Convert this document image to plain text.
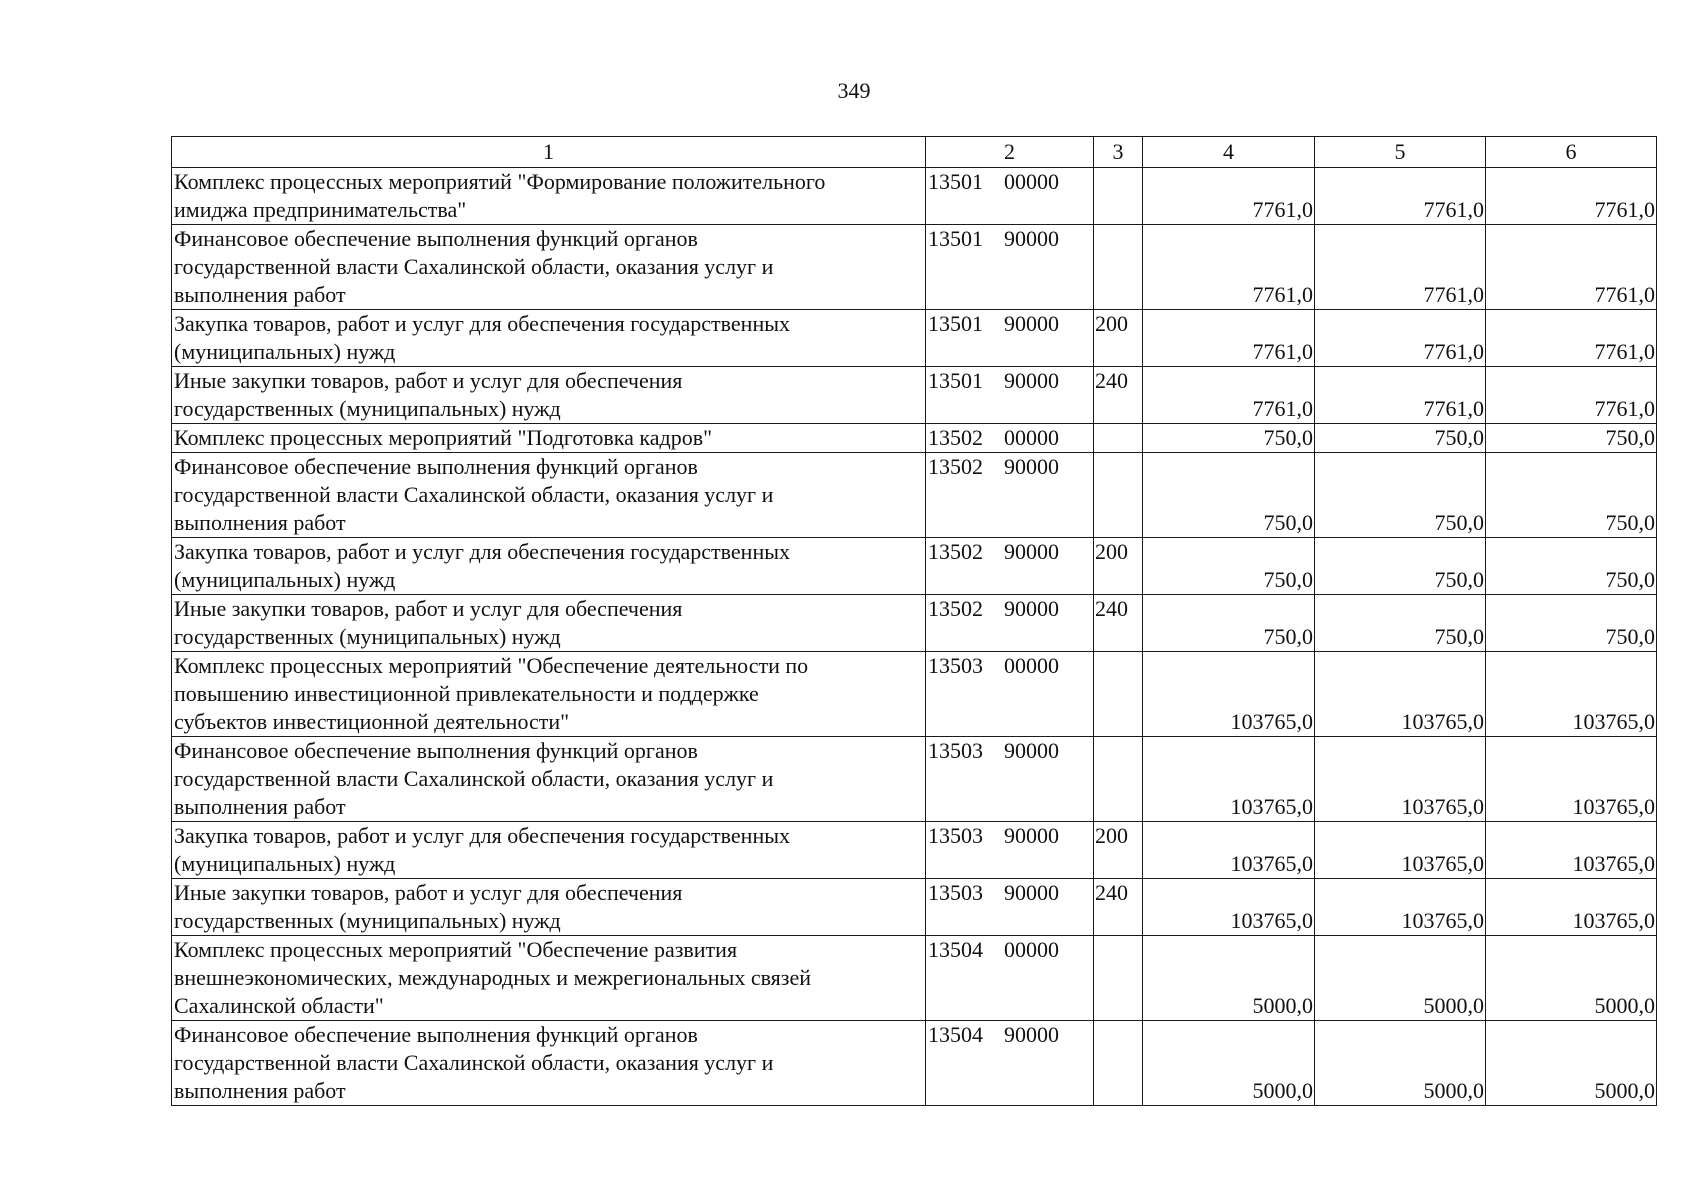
349
1	2	3	4	5	6

Комплекс процессных мероприятий "Формирование положительного
имиджа предпринимательства"	13501 00000		7761,0	7761,0	7761,0

Финансовое обеспечение выполнения функций органов
государственной власти Сахалинской области, оказания услуг и
выполнения работ	13501 90000		7761,0	7761,0	7761,0

Закупка товаров, работ и услуг для обеспечения государственных
(муниципальных) нужд	13501 90000	200	7761,0	7761,0	7761,0

Иные закупки товаров, работ и услуг для обеспечения
государственных (муниципальных) нужд	13501 90000	240	7761,0	7761,0	7761,0

Комплекс процессных мероприятий "Подготовка кадров"	13502 00000		750,0	750,0	750,0

Финансовое обеспечение выполнения функций органов
государственной власти Сахалинской области, оказания услуг и
выполнения работ	13502 90000		750,0	750,0	750,0

Закупка товаров, работ и услуг для обеспечения государственных
(муниципальных) нужд	13502 90000	200	750,0	750,0	750,0

Иные закупки товаров, работ и услуг для обеспечения
государственных (муниципальных) нужд	13502 90000	240	750,0	750,0	750,0

Комплекс процессных мероприятий "Обеспечение деятельности по
повышению инвестиционной привлекательности и поддержке
субъектов инвестиционной деятельности"	13503 00000		103765,0	103765,0	103765,0

Финансовое обеспечение выполнения функций органов
государственной власти Сахалинской области, оказания услуг и
выполнения работ	13503 90000		103765,0	103765,0	103765,0

Закупка товаров, работ и услуг для обеспечения государственных
(муниципальных) нужд	13503 90000	200	103765,0	103765,0	103765,0

Иные закупки товаров, работ и услуг для обеспечения
государственных (муниципальных) нужд	13503 90000	240	103765,0	103765,0	103765,0

Комплекс процессных мероприятий "Обеспечение развития
внешнеэкономических, международных и межрегиональных связей
Сахалинской области"	13504 00000		5000,0	5000,0	5000,0

Финансовое обеспечение выполнения функций органов
государственной власти Сахалинской области, оказания услуг и
выполнения работ	13504 90000		5000,0	5000,0	5000,0
